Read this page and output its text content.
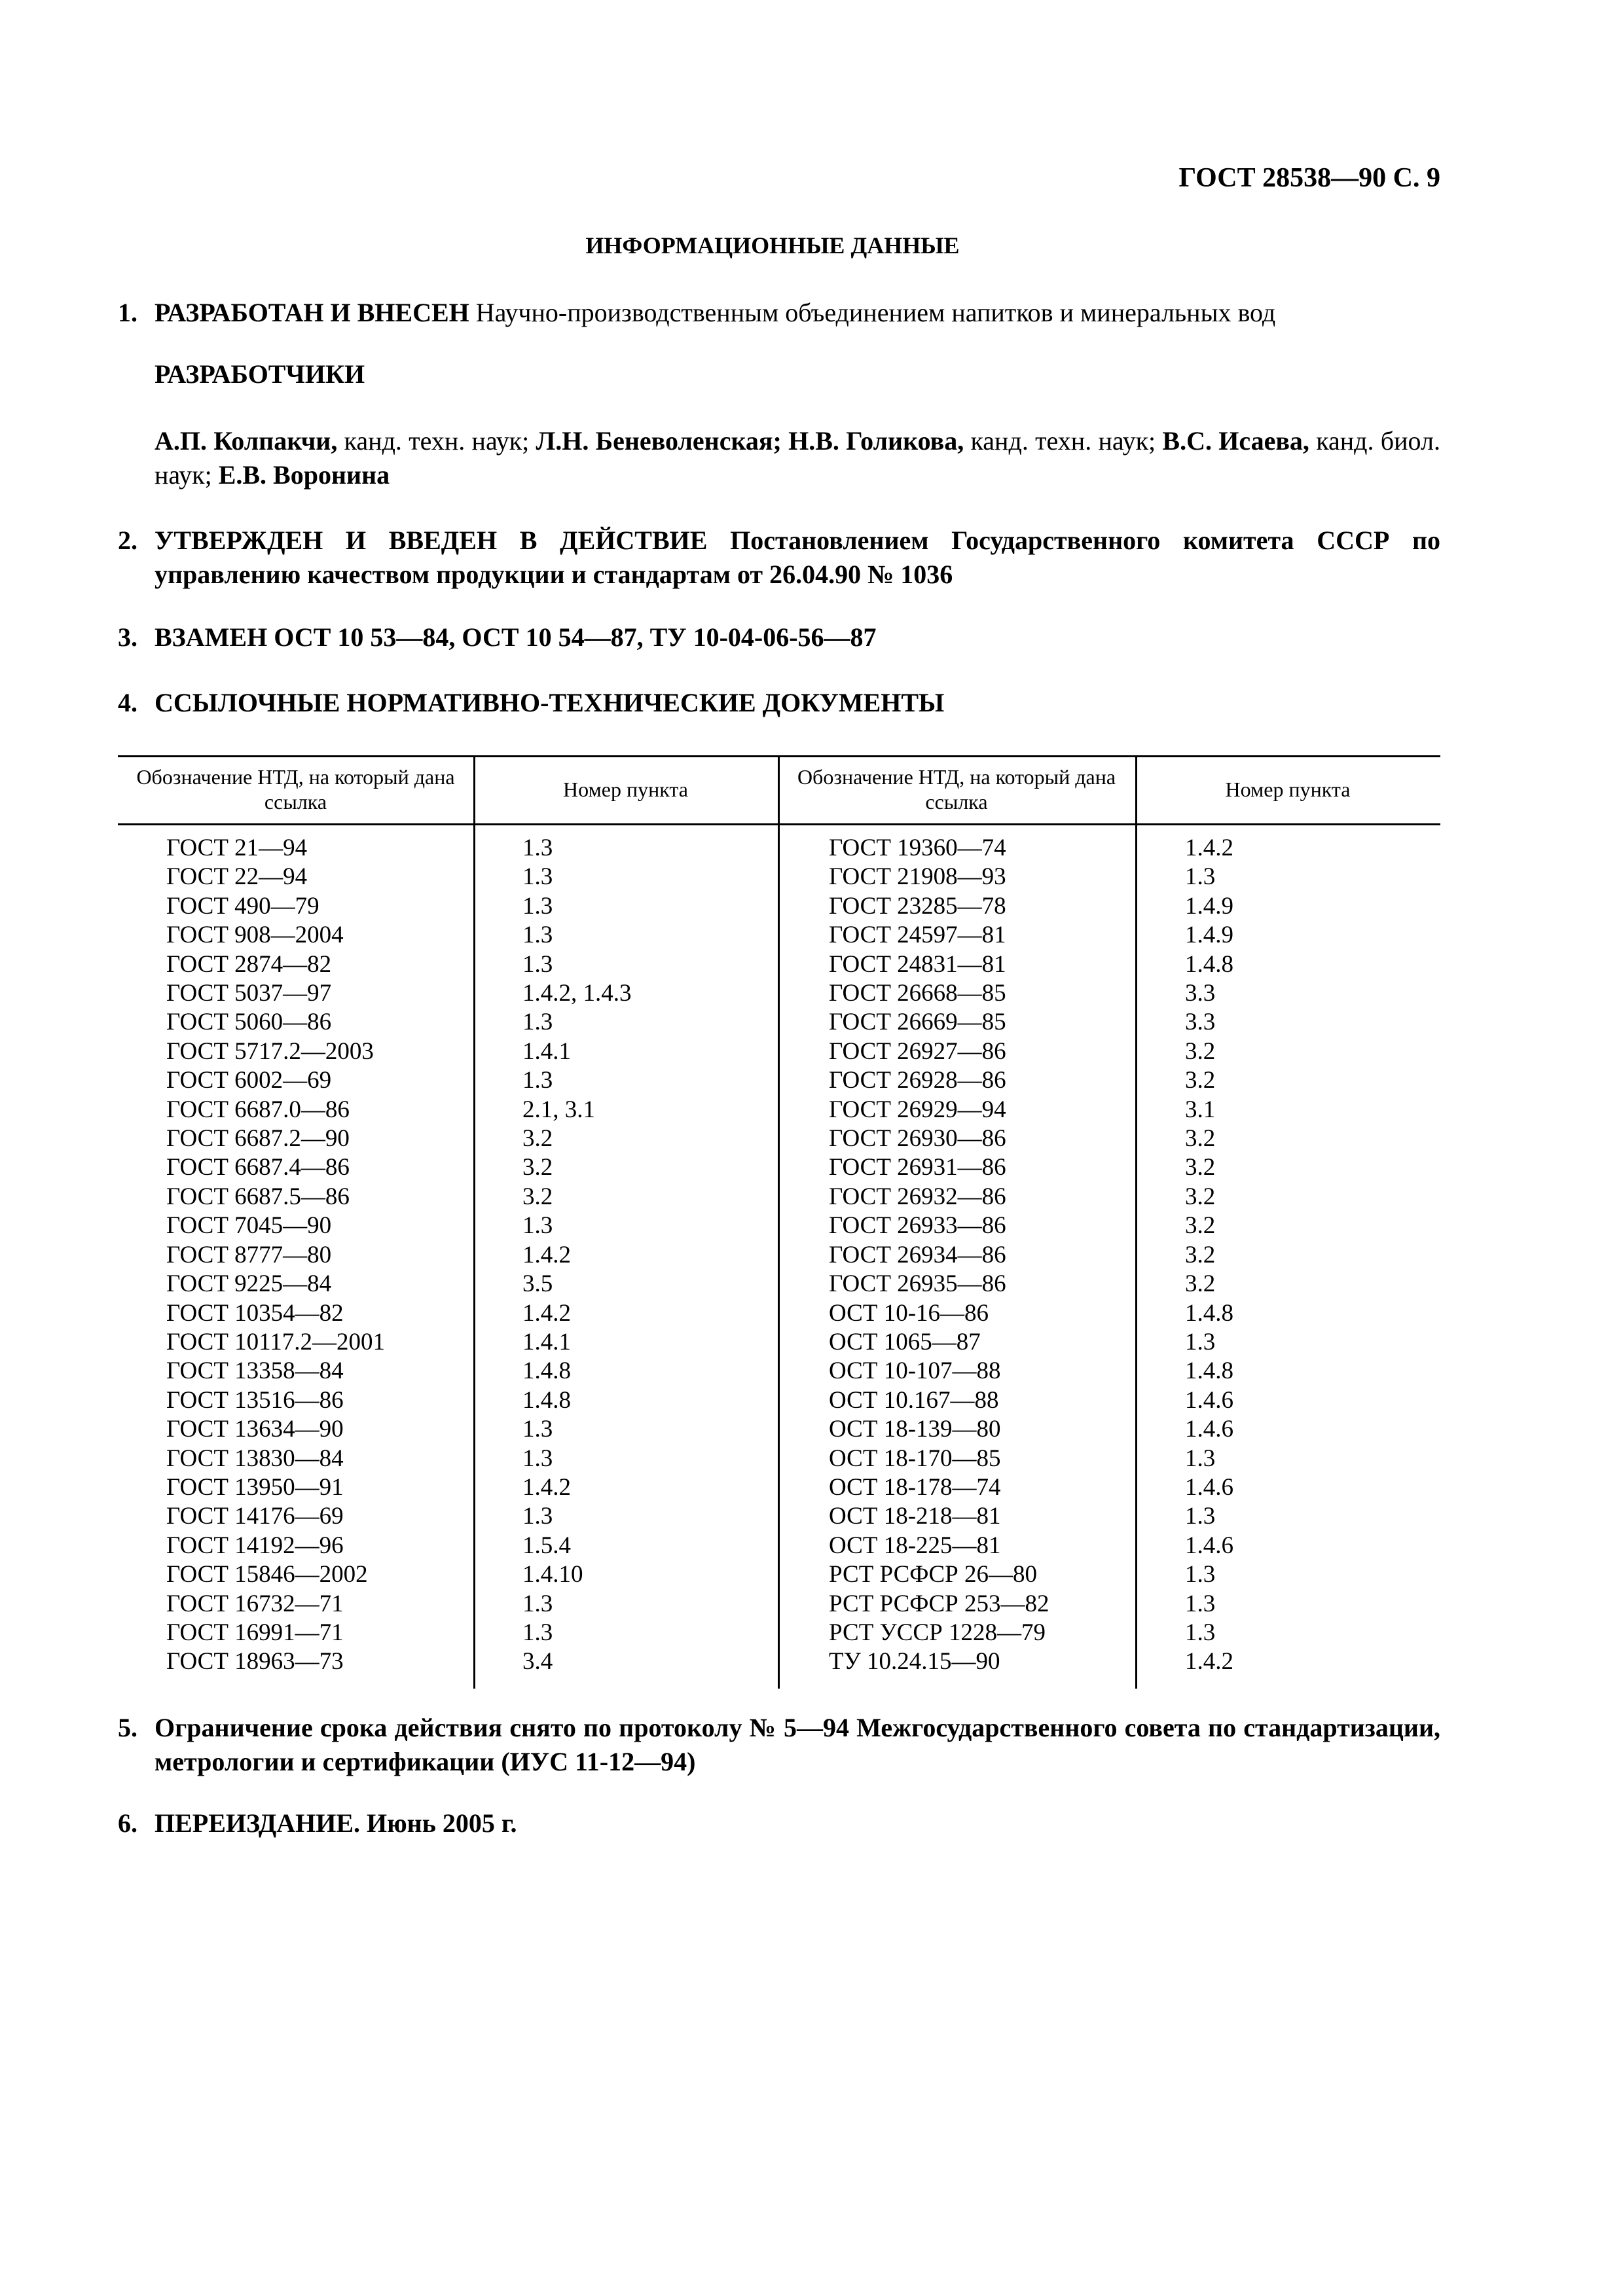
ГОСТ 28538—90 С. 9
ИНФОРМАЦИОННЫЕ ДАННЫЕ
1. РАЗРАБОТАН И ВНЕСЕН Научно-производственным объединением напитков и минеральных вод
РАЗРАБОТЧИКИ
А.П. Колпакчи, канд. техн. наук; Л.Н. Беневоленская; Н.В. Голикова, канд. техн. наук; В.С. Исаева, канд. биол. наук; Е.В. Воронина
2. УТВЕРЖДЕН И ВВЕДЕН В ДЕЙСТВИЕ Постановлением Государственного комитета СССР по управлению качеством продукции и стандартам от 26.04.90 № 1036
3. ВЗАМЕН ОСТ 10 53—84, ОСТ 10 54—87, ТУ 10-04-06-56—87
4. ССЫЛОЧНЫЕ НОРМАТИВНО-ТЕХНИЧЕСКИЕ ДОКУМЕНТЫ
Обозначение НТД, на который дана ссылка
Номер пункта
Обозначение НТД, на который дана ссылка
Номер пункта
ГОСТ 21—94
ГОСТ 22—94
ГОСТ 490—79
ГОСТ 908—2004
ГОСТ 2874—82
ГОСТ 5037—97
ГОСТ 5060—86
ГОСТ 5717.2—2003
ГОСТ 6002—69
ГОСТ 6687.0—86
ГОСТ 6687.2—90
ГОСТ 6687.4—86
ГОСТ 6687.5—86
ГОСТ 7045—90
ГОСТ 8777—80
ГОСТ 9225—84
ГОСТ 10354—82
ГОСТ 10117.2—2001
ГОСТ 13358—84
ГОСТ 13516—86
ГОСТ 13634—90
ГОСТ 13830—84
ГОСТ 13950—91
ГОСТ 14176—69
ГОСТ 14192—96
ГОСТ 15846—2002
ГОСТ 16732—71
ГОСТ 16991—71
ГОСТ 18963—73
1.3
1.3
1.3
1.3
1.3
1.4.2, 1.4.3
1.3
1.4.1
1.3
2.1, 3.1
3.2
3.2
3.2
1.3
1.4.2
3.5
1.4.2
1.4.1
1.4.8
1.4.8
1.3
1.3
1.4.2
1.3
1.5.4
1.4.10
1.3
1.3
3.4
ГОСТ 19360—74
ГОСТ 21908—93
ГОСТ 23285—78
ГОСТ 24597—81
ГОСТ 24831—81
ГОСТ 26668—85
ГОСТ 26669—85
ГОСТ 26927—86
ГОСТ 26928—86
ГОСТ 26929—94
ГОСТ 26930—86
ГОСТ 26931—86
ГОСТ 26932—86
ГОСТ 26933—86
ГОСТ 26934—86
ГОСТ 26935—86
ОСТ 10-16—86
ОСТ 1065—87
ОСТ 10-107—88
ОСТ 10.167—88
ОСТ 18-139—80
ОСТ 18-170—85
ОСТ 18-178—74
ОСТ 18-218—81
ОСТ 18-225—81
РСТ РСФСР 26—80
РСТ РСФСР 253—82
РСТ УССР 1228—79
ТУ 10.24.15—90
1.4.2
1.3
1.4.9
1.4.9
1.4.8
3.3
3.3
3.2
3.2
3.1
3.2
3.2
3.2
3.2
3.2
3.2
1.4.8
1.3
1.4.8
1.4.6
1.4.6
1.3
1.4.6
1.3
1.4.6
1.3
1.3
1.3
1.4.2
5. Ограничение срока действия снято по протоколу № 5—94 Межгосударственного совета по стандартизации, метрологии и сертификации (ИУС 11-12—94)
6. ПЕРЕИЗДАНИЕ. Июнь 2005 г.
